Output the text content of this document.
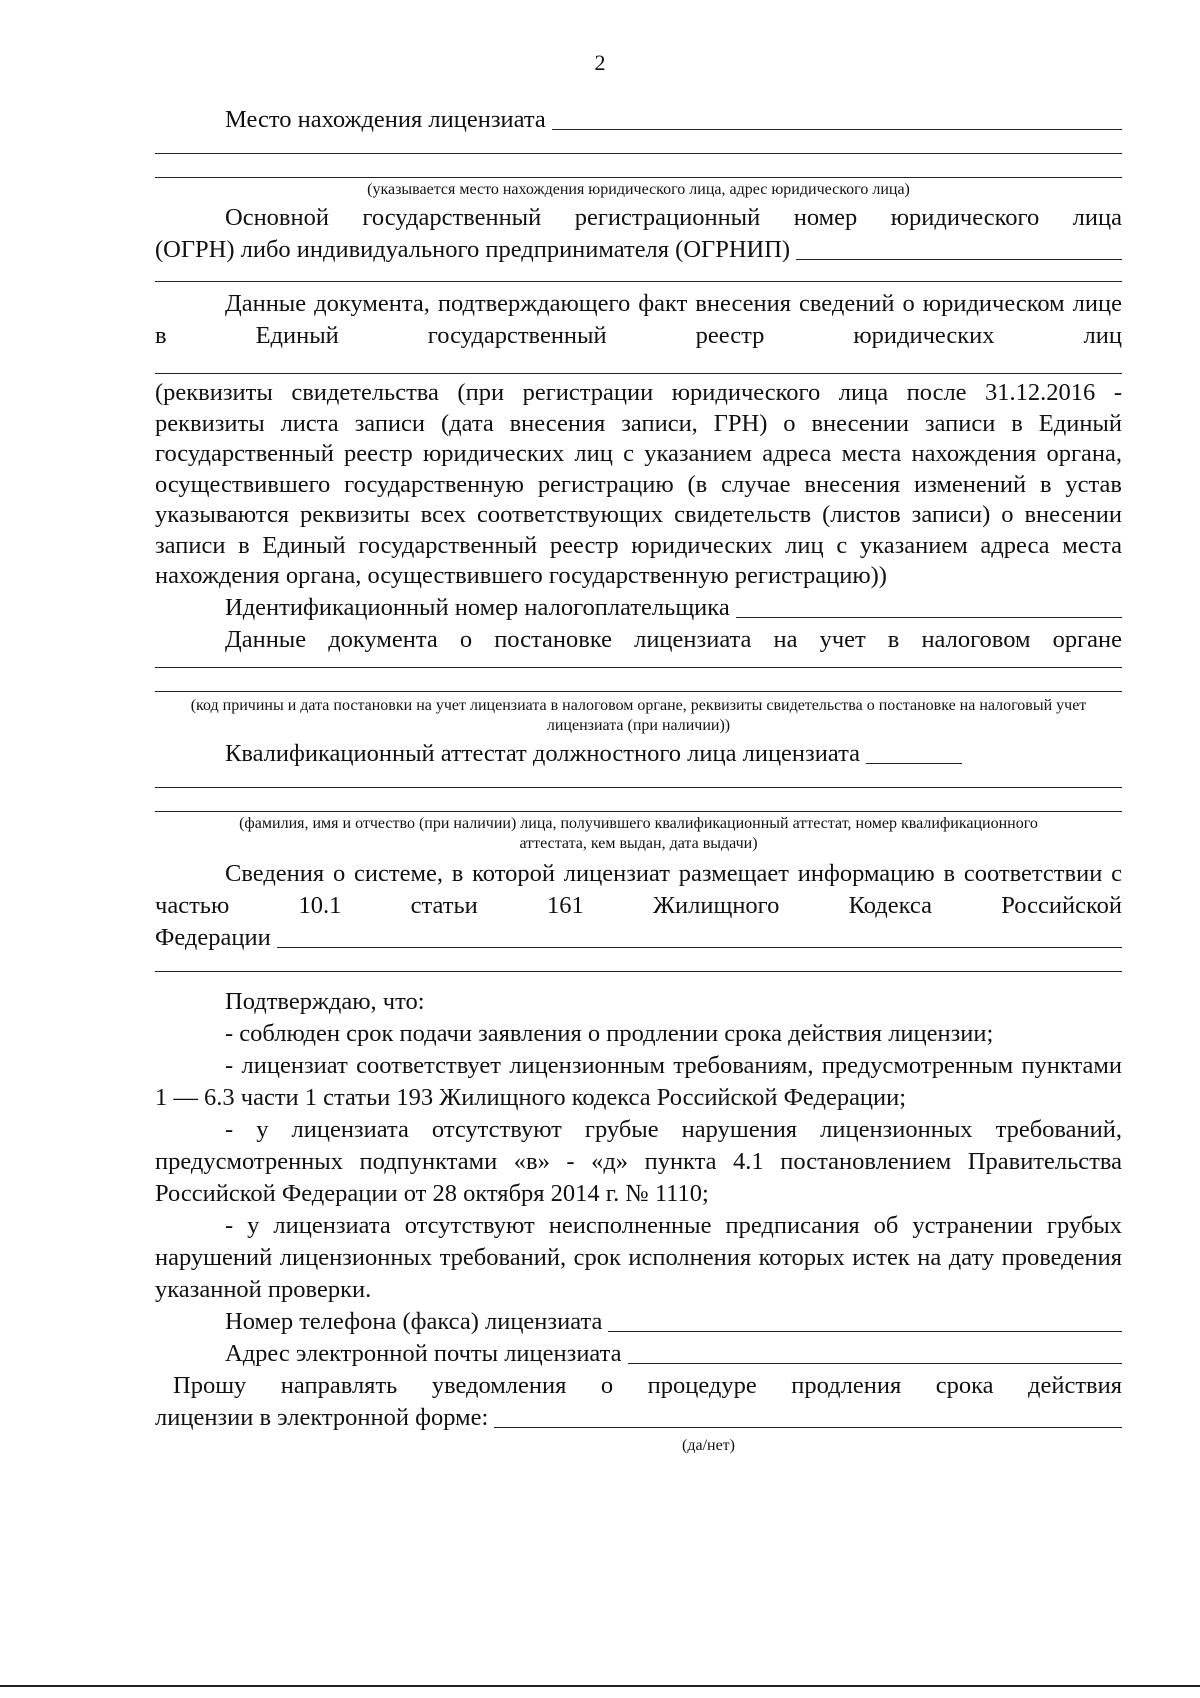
2
Место нахождения лицензиата

(указывается место нахождения юридического лица, адрес юридического лица)

Основной государственный регистрационный номер юридического лица

(ОГРН) либо индивидуального предпринимателя (ОГРНИП)

Данные документа, подтверждающего факт внесения сведений о юридическом лице в Единый государственный реестр юридических лиц

(реквизиты свидетельства (при регистрации юридического лица после 31.12.2016 - реквизиты листа записи (дата внесения записи, ГРН) о внесении записи в Единый государственный реестр юридических лиц с указанием адреса места нахождения органа, осуществившего государственную регистрацию (в случае внесения изменений в устав указываются реквизиты всех соответствующих свидетельств (листов записи) о внесении записи в Единый государственный реестр юридических лиц с указанием адреса места нахождения органа, осуществившего государственную регистрацию))

Идентификационный номер налогоплательщика

Данные документа о постановке лицензиата на учет в налоговом органе

(код причины и дата постановки на учет лицензиата в налоговом органе, реквизиты свидетельства о постановке на налоговый учет лицензиата (при наличии))

Квалификационный аттестат должностного лица лицензиата

(фамилия, имя и отчество (при наличии) лица, получившего квалификационный аттестат, номер квалификационного аттестата, кем выдан, дата выдачи)

Сведения о системе, в которой лицензиат размещает информацию в соответствии с частью 10.1 статьи 161 Жилищного Кодекса Российской

Федерации

Подтверждаю, что:

- соблюден срок подачи заявления о продлении срока действия лицензии;

- лицензиат соответствует лицензионным требованиям, предусмотренным пунктами 1 — 6.3 части 1 статьи 193 Жилищного кодекса Российской Федерации;

- у лицензиата отсутствуют грубые нарушения лицензионных требований, предусмотренных подпунктами «в» - «д» пункта 4.1 постановлением Правительства Российской Федерации от 28 октября 2014 г. № 1110;

- у лицензиата отсутствуют неисполненные предписания об устранении грубых нарушений лицензионных требований, срок исполнения которых истек на дату проведения указанной проверки.

Номер телефона (факса) лицензиата
Адрес электронной почты лицензиата

Прошу направлять уведомления о процедуре продления срока действия

лицензии в электронной форме:

(да/нет)
